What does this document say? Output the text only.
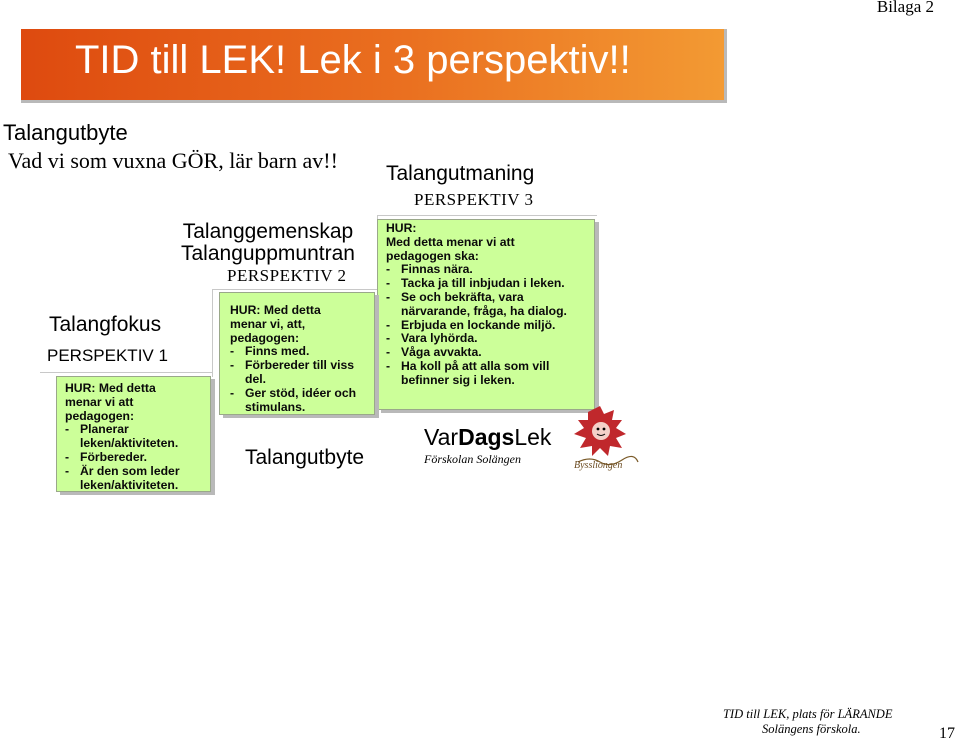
Bilaga 2
TID till LEK! Lek i 3 perspektiv!!
Talangutbyte
Vad vi som vuxna GÖR, lär barn av!!
Talangutmaning
PERSPEKTIV 3
HUR:
Med detta menar vi att
pedagogen ska:
- Finnas nära.
- Tacka ja till inbjudan i leken.
- Se och bekräfta, vara närvarande, fråga, ha dialog.
- Erbjuda en lockande miljö.
- Vara lyhörda.
- Våga avvakta.
- Ha koll på att alla som vill befinner sig i leken.
Talanggemenskap
Talanguppmuntran
PERSPEKTIV 2
HUR: Med detta
menar vi, att,
pedagogen:
- Finns med.
- Förbereder till viss del.
- Ger stöd, idéer och stimulans.
Talangutbyte
Talangfokus
PERSPEKTIV 1
HUR: Med detta
menar vi att
pedagogen:
- Planerar leken/aktiviteten.
- Förbereder.
- Är den som leder leken/aktiviteten.
VarDagsLek
Förskolan Solängen	Byssliongen
TID till LEK, plats för LÄRANDE
Solängens förskola.	17
